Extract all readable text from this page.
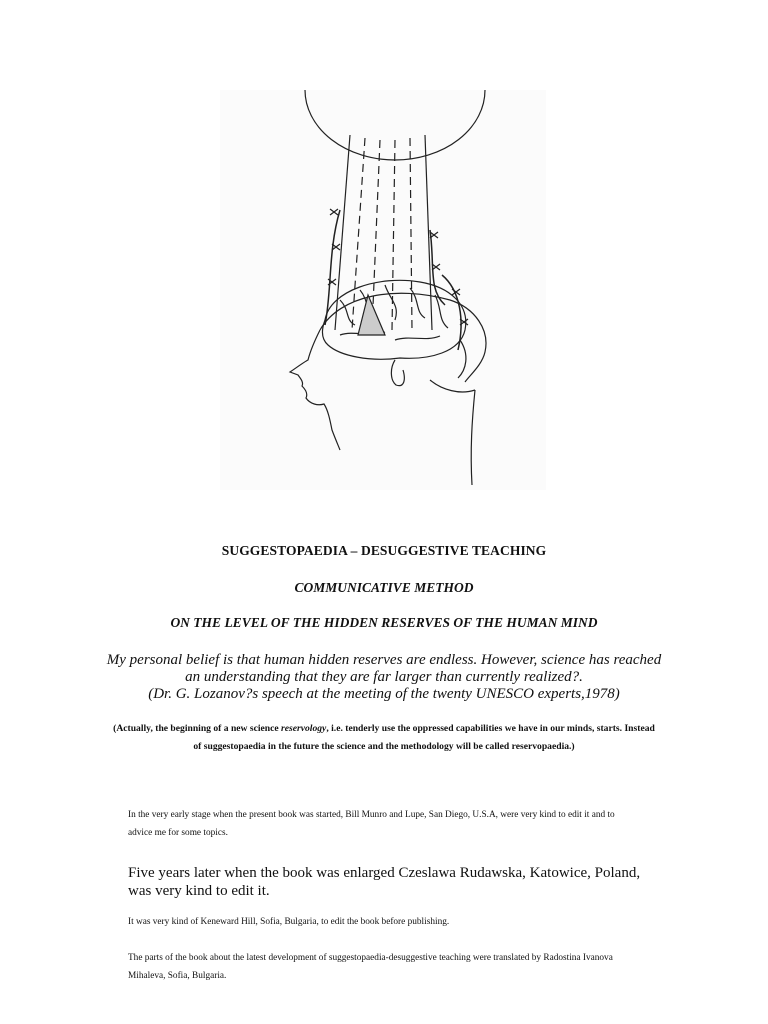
SUGGESTOPAEDIA – DESUGGESTIVE TEACHING
COMMUNICATIVE METHOD
ON THE LEVEL OF THE HIDDEN RESERVES OF THE HUMAN MIND
My personal belief is that human hidden reserves are endless. However, science has reached
an understanding that they are far larger than currently realized?.
(Dr. G. Lozanov?s speech at the meeting of the twenty UNESCO experts,1978)
(Actually, the beginning of a new science reservology, i.e. tenderly use the oppressed capabilities we have in our minds, starts. Instead
of suggestopaedia in the future the science and the methodology will be called reservopaedia.)
In the very early stage when the present book was started, Bill Munro and Lupe, San Diego, U.S.A, were very kind to edit it and to
advice me for some topics.
Five years later when the book was enlarged Czeslawa Rudawska, Katowice, Poland,
was very kind to edit it.
It was very kind of Keneward Hill, Sofia, Bulgaria, to edit the book before publishing.
The parts of the book about the latest development of suggestopaedia-desuggestive teaching were translated by Radostina Ivanova
Mihaleva, Sofia, Bulgaria.
